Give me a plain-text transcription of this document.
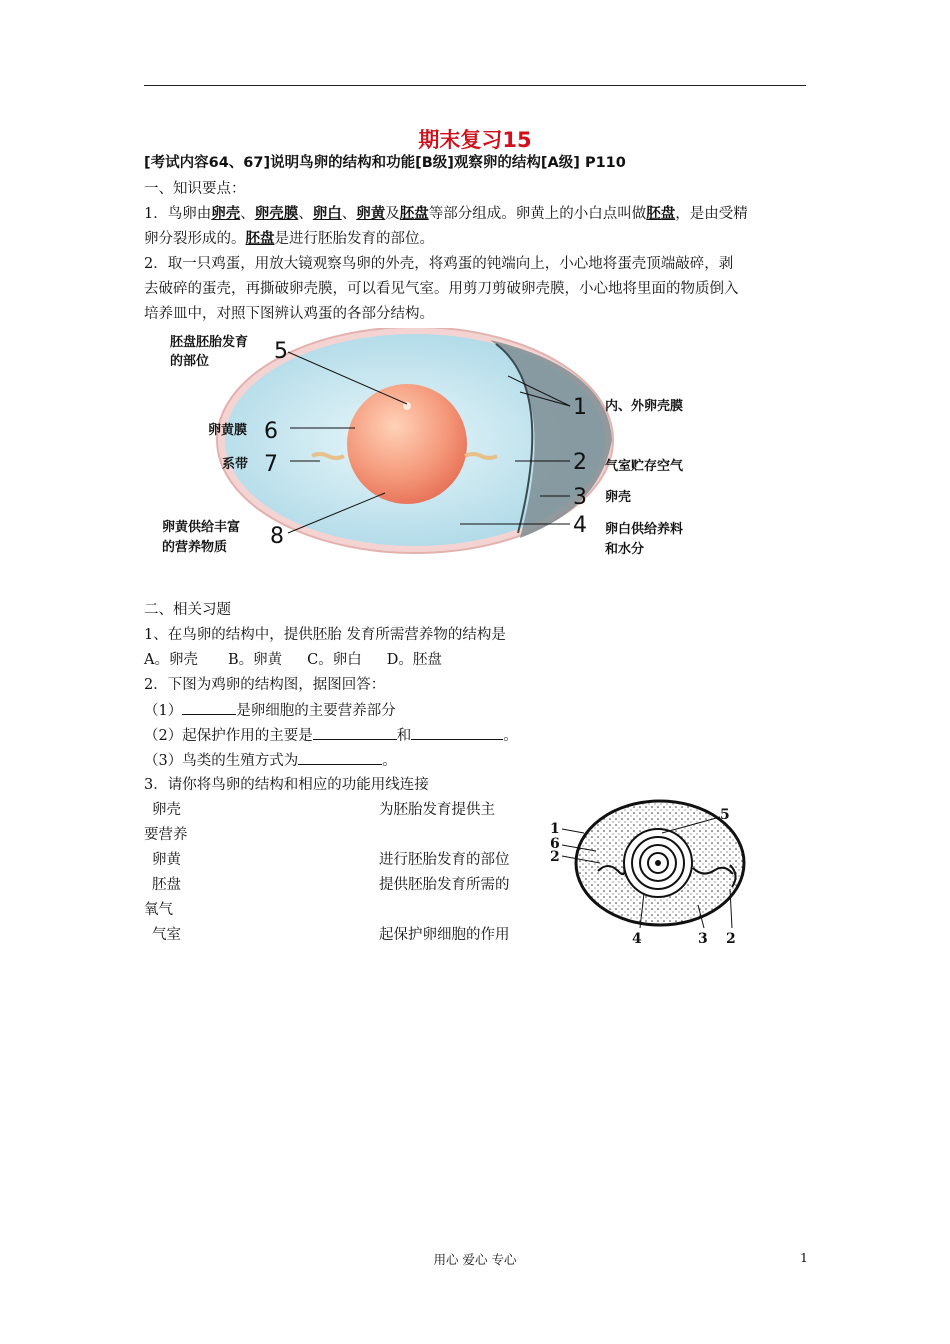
期末复习15
[考试内容64、67]说明鸟卵的结构和功能[B级]观察卵的结构[A级] P110
一、知识要点：
1．鸟卵由卵壳、卵壳膜、卵白、卵黄及胚盘等部分组成。卵黄上的小白点叫做胚盘，是由受精
卵分裂形成的。胚盘是进行胚胎发育的部位。
2．取一只鸡蛋，用放大镜观察鸟卵的外壳，将鸡蛋的钝端向上，小心地将蛋壳顶端敲碎，剥
去破碎的蛋壳，再撕破卵壳膜，可以看见气室。用剪刀剪破卵壳膜，小心地将里面的物质倒入
培养皿中，对照下图辨认鸡蛋的各部分结构。
胚盘胚胎发育
的部位	5
卵黄膜 6
系带 7
卵黄供给丰富
的营养物质 8
1 内、外卵壳膜
2 气室贮存空气
3 卵壳
4 卵白供给养料
和水分
二、相关习题
1、在鸟卵的结构中，提供胚胎 发育所需营养物的结构是
A。卵壳 B。卵黄 C。卵白 D。胚盘
2．下图为鸡卵的结构图，据图回答：
（1）	是卵细胞的主要营养部分
（2）起保护作用的主要是	和	。
（3）鸟类的生殖方式为	。
3．请你将鸟卵的结构和相应的功能用线连接
卵壳	为胚胎发育提供主
要营养
卵黄	进行胚胎发育的部位
胚盘	提供胚胎发育所需的
氧气
气室	起保护卵细胞的作用
1
6
2
5
4	3 2
用心 爱心 专心	1
